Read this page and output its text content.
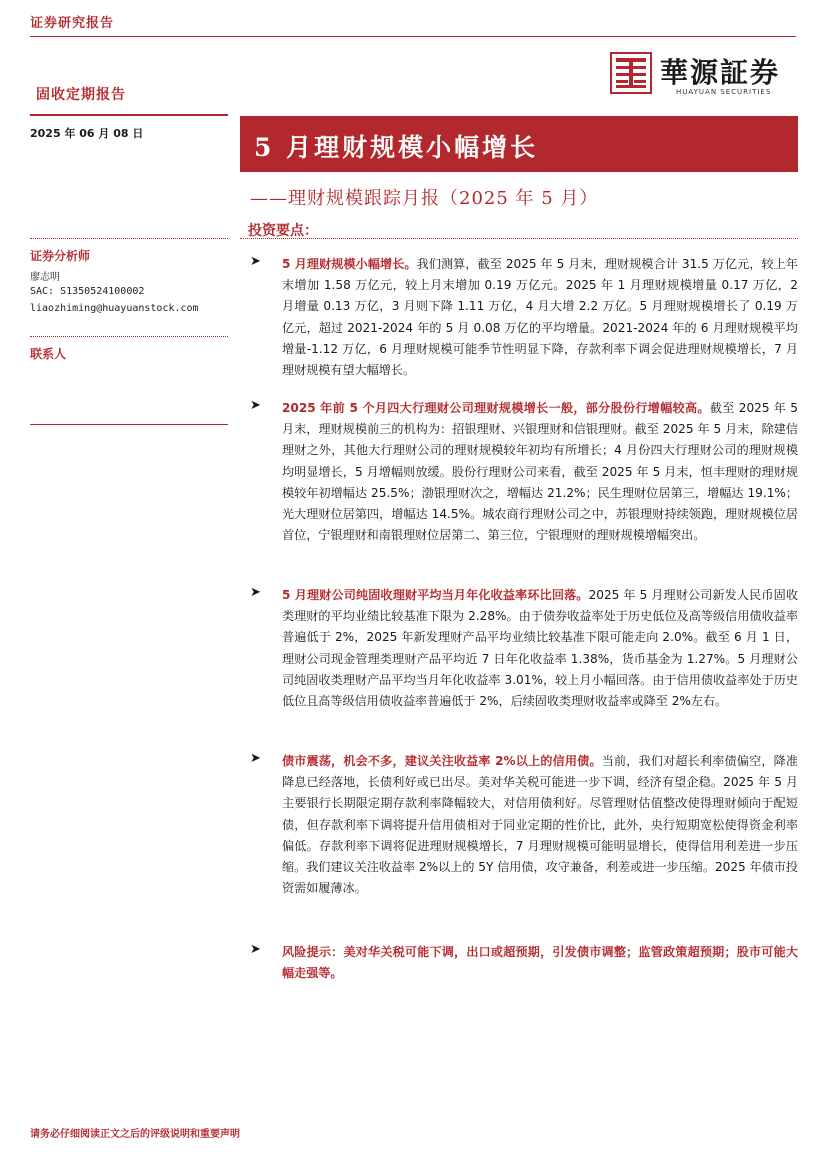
证券研究报告
華源証券
HUAYUAN SECURITIES
固收定期报告
2025 年 06 月 08 日	5 月理财规模小幅增长
——理财规模跟踪月报（2025 年 5 月）
投资要点：
证券分析师
廖志明
SAC: S1350524100002
liaozhiming@huayuanstock.com
联系人
➤	5 月理财规模小幅增长。我们测算，截至 2025 年 5 月末，理财规模合计 31.5 万亿元，较上年末增加 1.58 万亿元，较上月末增加 0.19 万亿元。2025 年 1 月理财规模增量 0.17 万亿，2 月增量 0.13 万亿，3 月则下降 1.11 万亿，4 月大增 2.2 万亿。5 月理财规模增长了 0.19 万亿元，超过 2021-2024 年的 5 月 0.08 万亿的平均增量。2021-2024 年的 6 月理财规模平均增量-1.12 万亿，6 月理财规模可能季节性明显下降，存款利率下调会促进理财规模增长，7 月理财规模有望大幅增长。
➤	2025 年前 5 个月四大行理财公司理财规模增长一般，部分股份行增幅较高。截至 2025 年 5 月末，理财规模前三的机构为：招银理财、兴银理财和信银理财。截至 2025 年 5 月末，除建信理财之外，其他大行理财公司的理财规模较年初均有所增长；4 月份四大行理财公司的理财规模均明显增长，5 月增幅则放缓。股份行理财公司来看，截至 2025 年 5 月末，恒丰理财的理财规模较年初增幅达 25.5%；渤银理财次之，增幅达 21.2%；民生理财位居第三，增幅达 19.1%；光大理财位居第四，增幅达 14.5%。城农商行理财公司之中，苏银理财持续领跑，理财规模位居首位，宁银理财和南银理财位居第二、第三位，宁银理财的理财规模增幅突出。
➤	5 月理财公司纯固收理财平均当月年化收益率环比回落。2025 年 5 月理财公司新发人民币固收类理财的平均业绩比较基准下限为 2.28%。由于债券收益率处于历史低位及高等级信用债收益率普遍低于 2%，2025 年新发理财产品平均业绩比较基准下限可能走向 2.0%。截至 6 月 1 日，理财公司现金管理类理财产品平均近 7 日年化收益率 1.38%，货币基金为 1.27%。5 月理财公司纯固收类理财产品平均当月年化收益率 3.01%，较上月小幅回落。由于信用债收益率处于历史低位且高等级信用债收益率普遍低于 2%，后续固收类理财收益率或降至 2%左右。
➤	债市震荡，机会不多，建议关注收益率 2%以上的信用债。当前，我们对超长利率债偏空，降准降息已经落地，长债利好或已出尽。美对华关税可能进一步下调，经济有望企稳。2025 年 5 月主要银行长期限定期存款利率降幅较大，对信用债利好。尽管理财估值整改使得理财倾向于配短债，但存款利率下调将提升信用债相对于同业定期的性价比，此外，央行短期宽松使得资金利率偏低。存款利率下调将促进理财规模增长，7 月理财规模可能明显增长，使得信用利差进一步压缩。我们建议关注收益率 2%以上的 5Y 信用债，攻守兼备，利差或进一步压缩。2025 年债市投资需如履薄冰。
➤	风险提示：美对华关税可能下调，出口或超预期，引发债市调整；监管政策超预期；股市可能大幅走强等。
请务必仔细阅读正文之后的评级说明和重要声明
